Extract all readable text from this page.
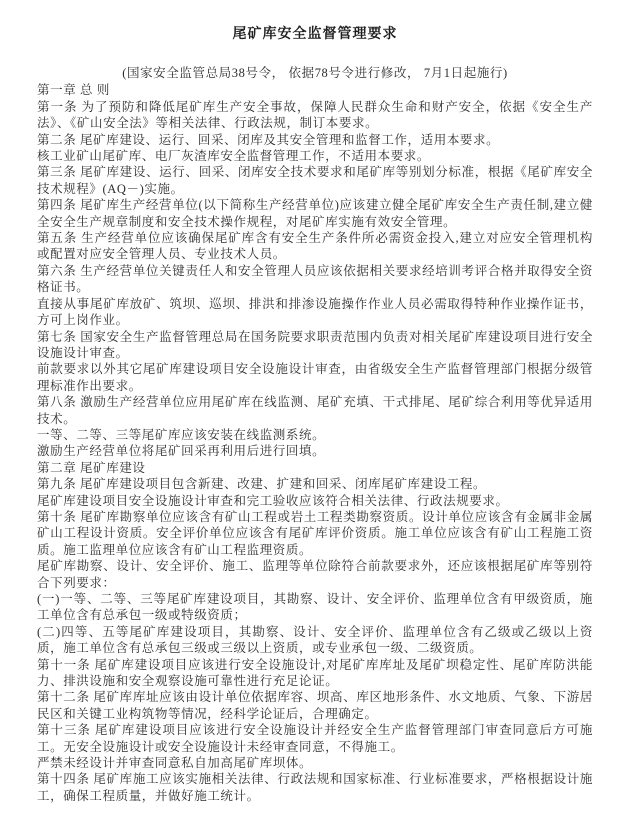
尾矿库安全监督管理要求

(国家安全监管总局38号令， 依据78号令进行修改， 7月1日起施行)

第一章 总 则

第一条 为了预防和降低尾矿库生产安全事故，保障人民群众生命和财产安全，依据《安全生产法》、《矿山安全法》等相关法律、行政法规，制订本要求。

第二条 尾矿库建设、运行、回采、闭库及其安全管理和监督工作，适用本要求。

核工业矿山尾矿库、电厂灰渣库安全监督管理工作，不适用本要求。

第三条 尾矿库建设、运行、回采、闭库安全技术要求和尾矿库等别划分标准，根据《尾矿库安全技术规程》(AQ－)实施。

第四条 尾矿库生产经营单位(以下简称生产经营单位)应该建立健全尾矿库安全生产责任制,建立健全安全生产规章制度和安全技术操作规程，对尾矿库实施有效安全管理。

第五条 生产经营单位应该确保尾矿库含有安全生产条件所必需资金投入,建立对应安全管理机构或配置对应安全管理人员、专业技术人员。

第六条 生产经营单位关键责任人和安全管理人员应该依据相关要求经培训考评合格并取得安全资格证书。

直接从事尾矿库放矿、筑坝、巡坝、排洪和排渗设施操作作业人员必需取得特种作业操作证书，方可上岗作业。

第七条 国家安全生产监督管理总局在国务院要求职责范围内负责对相关尾矿库建设项目进行安全设施设计审查。

前款要求以外其它尾矿库建设项目安全设施设计审查，由省级安全生产监督管理部门根据分级管理标准作出要求。

第八条 激励生产经营单位应用尾矿库在线监测、尾矿充填、干式排尾、尾矿综合利用等优异适用技术。

一等、二等、三等尾矿库应该安装在线监测系统。

激励生产经营单位将尾矿回采再利用后进行回填。

第二章 尾矿库建设

第九条 尾矿库建设项目包含新建、改建、扩建和回采、闭库尾矿库建设工程。

尾矿库建设项目安全设施设计审查和完工验收应该符合相关法律、行政法规要求。

第十条 尾矿库勘察单位应该含有矿山工程或岩土工程类勘察资质。设计单位应该含有金属非金属矿山工程设计资质。安全评价单位应该含有尾矿库评价资质。施工单位应该含有矿山工程施工资质。施工监理单位应该含有矿山工程监理资质。

尾矿库勘察、设计、安全评价、施工、监理等单位除符合前款要求外，还应该根据尾矿库等别符合下列要求：

(一)一等、二等、三等尾矿库建设项目，其勘察、设计、安全评价、监理单位含有甲级资质，施工单位含有总承包一级或特级资质；

(二)四等、五等尾矿库建设项目，其勘察、设计、安全评价、监理单位含有乙级或乙级以上资质，施工单位含有总承包三级或三级以上资质，或专业承包一级、二级资质。

第十一条 尾矿库建设项目应该进行安全设施设计,对尾矿库库址及尾矿坝稳定性、尾矿库防洪能力、排洪设施和安全观察设施可靠性进行充足论证。

第十二条 尾矿库库址应该由设计单位依据库容、坝高、库区地形条件、水文地质、气象、下游居民区和关键工业构筑物等情况，经科学论证后，合理确定。

第十三条 尾矿库建设项目应该进行安全设施设计并经安全生产监督管理部门审查同意后方可施工。无安全设施设计或安全设施设计未经审查同意，不得施工。

严禁未经设计并审查同意私自加高尾矿库坝体。

第十四条 尾矿库施工应该实施相关法律、行政法规和国家标准、行业标准要求，严格根据设计施工，确保工程质量，并做好施工统计。
